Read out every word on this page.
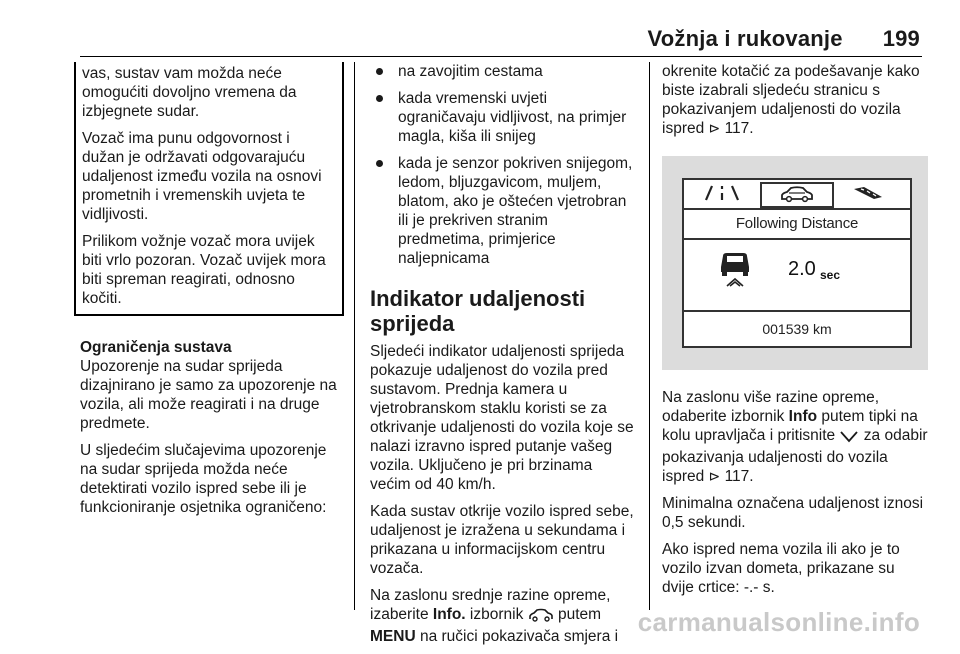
Vožnja i rukovanje 199

vas, sustav vam možda neće omogućiti dovoljno vremena da izbjegnete sudar.

Vozač ima punu odgovornost i dužan je održavati odgovarajuću udaljenost između vozila na osnovi prometnih i vremenskih uvjeta te vidljivosti.

Prilikom vožnje vozač mora uvijek biti vrlo pozoran. Vozač uvijek mora biti spreman reagirati, odnosno kočiti.

Ograničenja sustava

Upozorenje na sudar sprijeda dizajnirano je samo za upozorenje na vozila, ali može reagirati i na druge predmete.

U sljedećim slučajevima upozorenje na sudar sprijeda možda neće detektirati vozilo ispred sebe ili je funkcioniranje osjetnika ograničeno:

na zavojitim cestama
kada vremenski uvjeti ograničavaju vidljivost, na primjer magla, kiša ili snijeg
kada je senzor pokriven snijegom, ledom, bljuzgavicom, muljem, blatom, ako je oštećen vjetrobran ili je prekriven stranim predmetima, primjerice naljepnicama
Indikator udaljenosti sprijeda

Sljedeći indikator udaljenosti sprijeda pokazuje udaljenost do vozila pred sustavom. Prednja kamera u vjetrobranskom staklu koristi se za otkrivanje udaljenosti do vozila koje se nalazi izravno ispred putanje vašeg vozila. Uključeno je pri brzinama većim od 40 km/h.

Kada sustav otkrije vozilo ispred sebe, udaljenost je izražena u sekundama i prikazana u informacijskom centru vozača.

Na zaslonu srednje razine opreme, izaberite Info. izbornik  putem
MENU na ručici pokazivača smjera i

okrenite kotačić za podešavanje kako biste izabrali sljedeću stranicu s pokazivanjem udaljenosti do vozila ispred ⊳ 117.

Following Distance
2.0 sec
001539 km

Na zaslonu više razine opreme, odaberite izbornik Info putem tipki na kolu upravljača i pritisnite  za odabir pokazivanja udaljenosti do vozila ispred ⊳ 117.

Minimalna označena udaljenost iznosi 0,5 sekundi.

Ako ispred nema vozila ili ako je to vozilo izvan dometa, prikazane su dvije crtice: -.- s.

carmanualsonline.info
